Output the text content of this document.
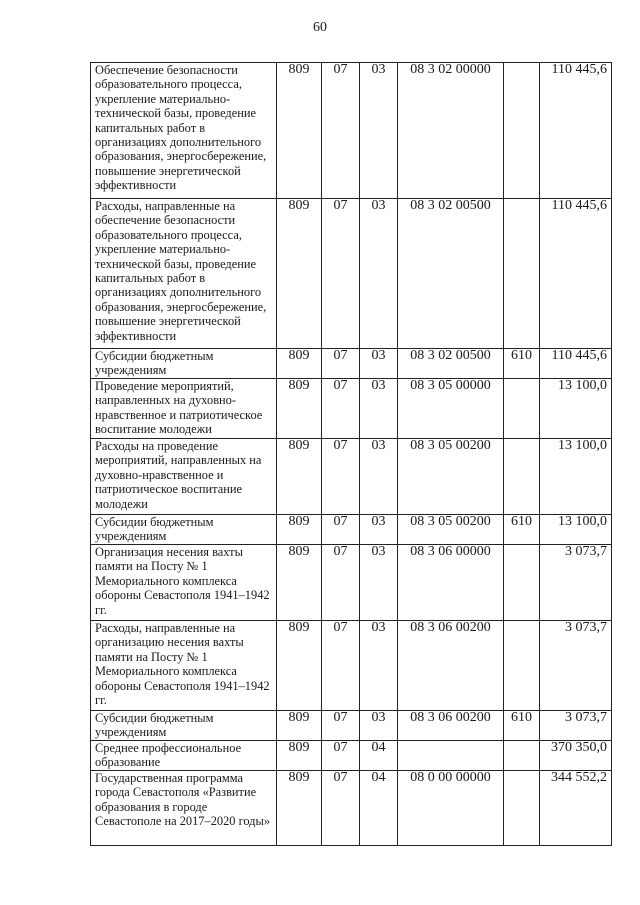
60
Обеспечение безопасности образовательного процесса, укрепление материально-технической базы, проведение капитальных работ в организациях дополнительного образования, энергосбережение, повышение энергетической эффективности	809	07	03	08 3 02 00000		110 445,6
Расходы, направленные на обеспечение безопасности образовательного процесса, укрепление материально-технической базы, проведение капитальных работ в организациях дополнительного образования, энергосбережение, повышение энергетической эффективности	809	07	03	08 3 02 00500		110 445,6
Субсидии бюджетным учреждениям	809	07	03	08 3 02 00500	610	110 445,6
Проведение мероприятий, направленных на духовно-нравственное и патриотическое воспитание молодежи	809	07	03	08 3 05 00000		13 100,0
Расходы на проведение мероприятий, направленных на духовно-нравственное и патриотическое воспитание молодежи	809	07	03	08 3 05 00200		13 100,0
Субсидии бюджетным учреждениям	809	07	03	08 3 05 00200	610	13 100,0
Организация несения вахты памяти на Посту № 1 Мемориального комплекса обороны Севастополя 1941–1942 гг.	809	07	03	08 3 06 00000		3 073,7
Расходы, направленные на организацию несения вахты памяти на Посту № 1 Мемориального комплекса обороны Севастополя 1941–1942 гг.	809	07	03	08 3 06 00200		3 073,7
Субсидии бюджетным учреждениям	809	07	03	08 3 06 00200	610	3 073,7
Среднее профессиональное образование	809	07	04			370 350,0
Государственная программа города Севастополя «Развитие образования в городе Севастополе на 2017–2020 годы»	809	07	04	08 0 00 00000		344 552,2
